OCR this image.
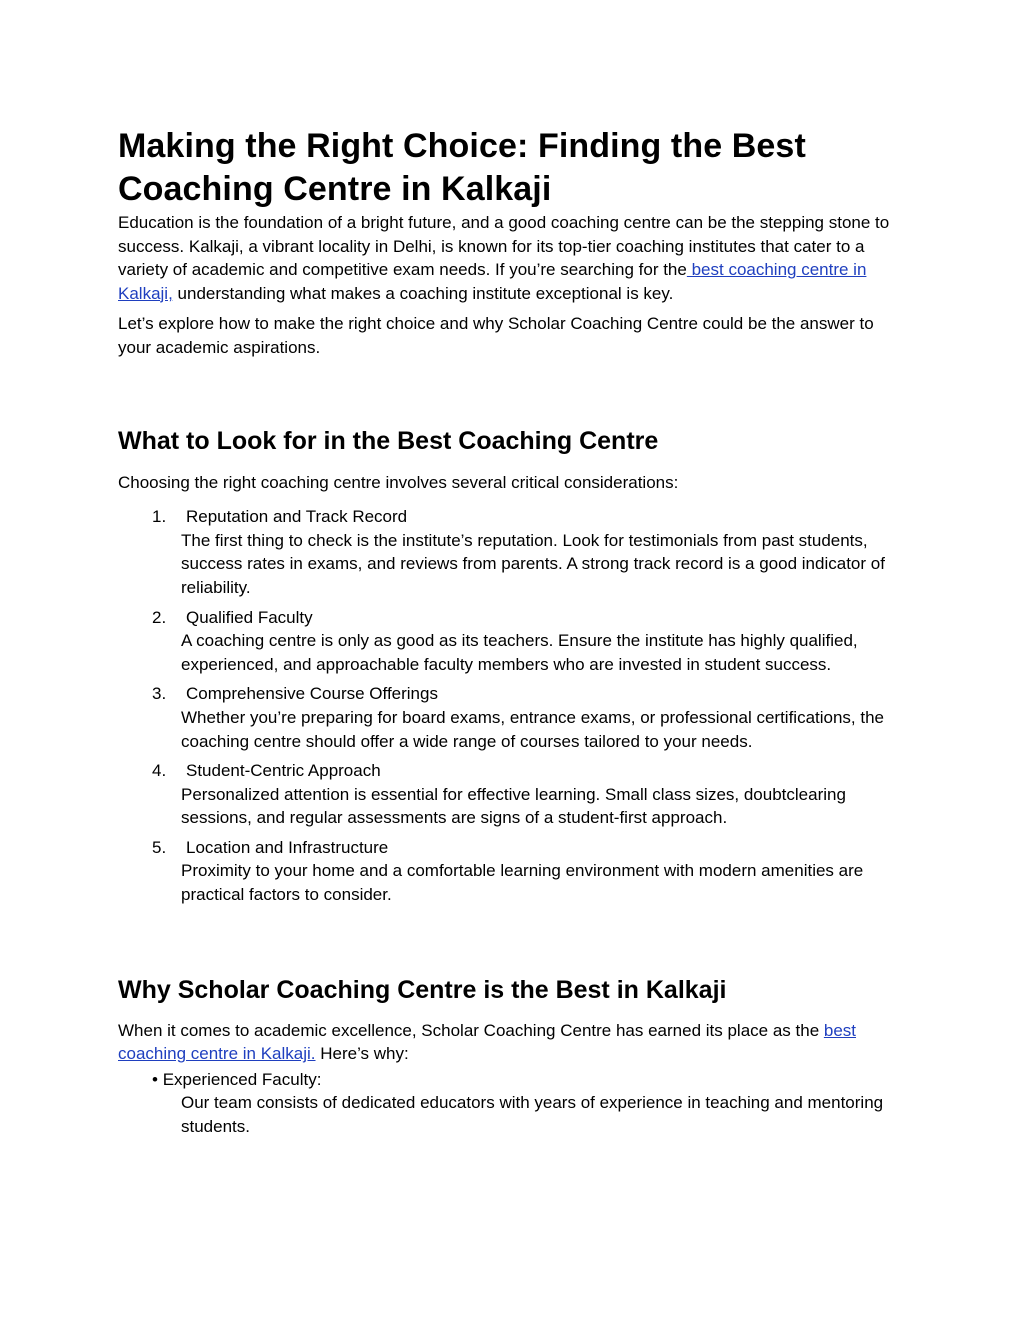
Making the Right Choice: Finding the Best Coaching Centre in Kalkaji

Education is the foundation of a bright future, and a good coaching centre can be the stepping stone to success. Kalkaji, a vibrant locality in Delhi, is known for its top-tier coaching institutes that cater to a variety of academic and competitive exam needs. If you’re searching for the best coaching centre in Kalkaji, understanding what makes a coaching institute exceptional is key.

Let’s explore how to make the right choice and why Scholar Coaching Centre could be the answer to your academic aspirations.

What to Look for in the Best Coaching Centre

Choosing the right coaching centre involves several critical considerations:

1. Reputation and Track Record
The first thing to check is the institute’s reputation. Look for testimonials from past students, success rates in exams, and reviews from parents. A strong track record is a good indicator of reliability.
2. Qualified Faculty
A coaching centre is only as good as its teachers. Ensure the institute has highly qualified, experienced, and approachable faculty members who are invested in student success.
3. Comprehensive Course Offerings
Whether you’re preparing for board exams, entrance exams, or professional certifications, the coaching centre should offer a wide range of courses tailored to your needs.
4. Student-Centric Approach
Personalized attention is essential for effective learning. Small class sizes, doubtclearing sessions, and regular assessments are signs of a student-first approach.
5. Location and Infrastructure
Proximity to your home and a comfortable learning environment with modern amenities are practical factors to consider.
Why Scholar Coaching Centre is the Best in Kalkaji

When it comes to academic excellence, Scholar Coaching Centre has earned its place as the best coaching centre in Kalkaji. Here’s why:

• Experienced Faculty:
Our team consists of dedicated educators with years of experience in teaching and mentoring students.
